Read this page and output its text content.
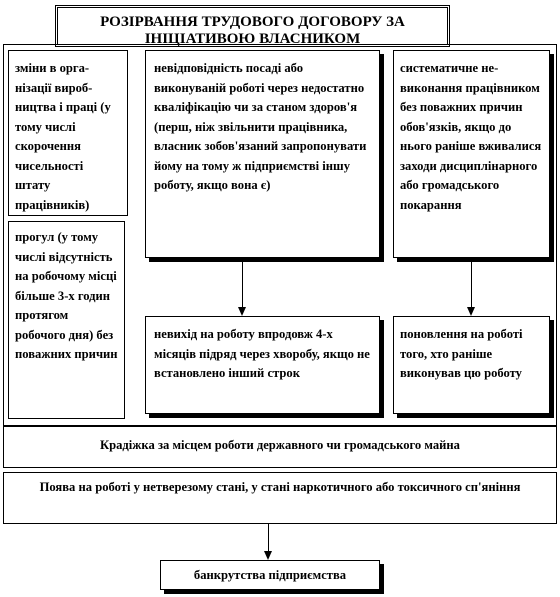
РОЗІРВАННЯ ТРУДОВОГО ДОГОВОРУ ЗА ІНІЦІАТИВОЮ ВЛАСНИКОМ
зміни в організації виробництва і праці (у тому числі скорочення чисельності штату працівників)
невідповідність посаді або виконуваній роботі через недостатно кваліфікацію чи за станом здоров'я (перш, ніж звільнити працівника, власник зобов'язаний запропонувати йому на тому ж підприємстві іншу роботу, якщо вона є)
систематичне невиконання працівником без поважних причин обов'язків, якщо до нього раніше вживалися заходи дисциплінарного або громадського покарання
прогул (у тому числі відсутність на робочому місці більше 3-х годин протягом робочого дня) без поважних причин
невихід на роботу впродовж 4-х місяців підряд через хворобу, якщо не встановлено інший строк
поновлення на роботі того, хто раніше виконував цю роботу
Крадіжка за місцем роботи державного чи громадського майна
Поява на роботі у нетверезому стані, у стані наркотичного або токсичного сп'яніння
банкрутства підприємства
